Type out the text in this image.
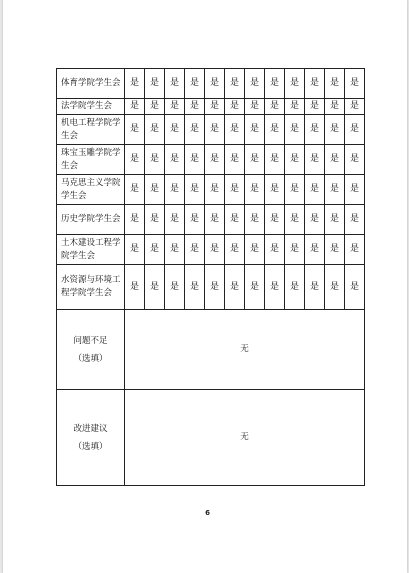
体育学院学生会	是	是	是	是	是	是	是	是	是	是	是	是
法学院学生会	是	是	是	是	是	是	是	是	是	是	是	是
机电工程学院学生会	是	是	是	是	是	是	是	是	是	是	是	是
珠宝玉雕学院学生会	是	是	是	是	是	是	是	是	是	是	是	是
马克思主义学院学生会	是	是	是	是	是	是	是	是	是	是	是	是
历史学院学生会	是	是	是	是	是	是	是	是	是	是	是	是
土木建设工程学院学生会	是	是	是	是	是	是	是	是	是	是	是	是
水资源与环境工程学院学生会	是	是	是	是	是	是	是	是	是	是	是	是

问题不足
（选填）	无											

改进建议
（选填）	无											
6
